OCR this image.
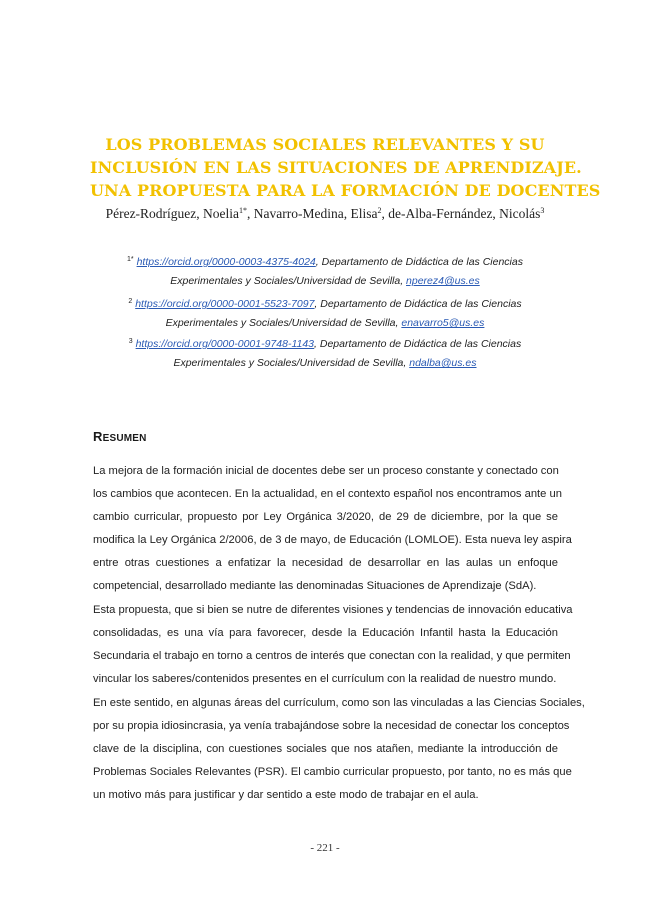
LOS PROBLEMAS SOCIALES RELEVANTES Y SU
INCLUSIÓN EN LAS SITUACIONES DE APRENDIZAJE.
UNA PROPUESTA PARA LA FORMACIÓN DE DOCENTES
Pérez-Rodríguez, Noelia$^{1*}$, Navarro-Medina, Elisa$^2$, de-Alba-Fernández, Nicolás$^3$
$^{1*}$ https://orcid.org/0000-0003-4375-4024, Departamento de Didáctica de las Ciencias
Experimentales y Sociales/Universidad de Sevilla, nperez4@us.es
$^2$ https://orcid.org/0000-0001-5523-7097, Departamento de Didáctica de las Ciencias
Experimentales y Sociales/Universidad de Sevilla, enavarro5@us.es
$^3$ https://orcid.org/0000-0001-9748-1143, Departamento de Didáctica de las Ciencias
Experimentales y Sociales/Universidad de Sevilla, ndalba@us.es
RESUMEN
La mejora de la formación inicial de docentes debe ser un proceso constante y conectado con
los cambios que acontecen. En la actualidad, en el contexto español nos encontramos ante un
cambio curricular, propuesto por Ley Orgánica 3/2020, de 29 de diciembre, por la que se
modifica la Ley Orgánica 2/2006, de 3 de mayo, de Educación (LOMLOE). Esta nueva ley aspira
entre otras cuestiones a enfatizar la necesidad de desarrollar en las aulas un enfoque
competencial, desarrollado mediante las denominadas Situaciones de Aprendizaje (SdA).
Esta propuesta, que si bien se nutre de diferentes visiones y tendencias de innovación educativa
consolidadas, es una vía para favorecer, desde la Educación Infantil hasta la Educación
Secundaria el trabajo en torno a centros de interés que conectan con la realidad, y que permiten
vincular los saberes/contenidos presentes en el currículum con la realidad de nuestro mundo.
En este sentido, en algunas áreas del currículum, como son las vinculadas a las Ciencias Sociales,
por su propia idiosincrasia, ya venía trabajándose sobre la necesidad de conectar los conceptos
clave de la disciplina, con cuestiones sociales que nos atañen, mediante la introducción de
Problemas Sociales Relevantes (PSR). El cambio curricular propuesto, por tanto, no es más que
un motivo más para justificar y dar sentido a este modo de trabajar en el aula.
- 221 -
